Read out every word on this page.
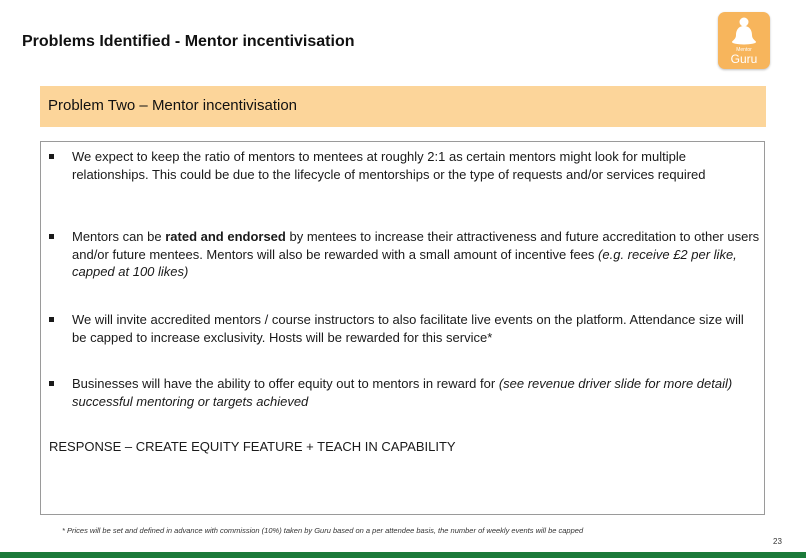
Problems Identified - Mentor incentivisation	Mentor
Guru
Problem Two – Mentor incentivisation
We expect to keep the ratio of mentors to mentees at roughly 2:1 as certain mentors might look for multiple relationships. This could be due to the lifecycle of mentorships or the type of requests and/or services required
Mentors can be rated and endorsed by mentees to increase their attractiveness and future accreditation to other users and/or future mentees. Mentors will also be rewarded with a small amount of incentive fees (e.g. receive £2 per like, capped at 100 likes)
We will invite accredited mentors / course instructors to also facilitate live events on the platform. Attendance size will be capped to increase exclusivity. Hosts will be rewarded for this service*
Businesses will have the ability to offer equity out to mentors in reward for (see revenue driver slide for more detail) successful mentoring or targets achieved
RESPONSE – CREATE EQUITY FEATURE + TEACH IN CAPABILITY
* Prices will be set and defined in advance with commission (10%) taken by Guru based on a per attendee basis, the number of weekly events will be capped
23
